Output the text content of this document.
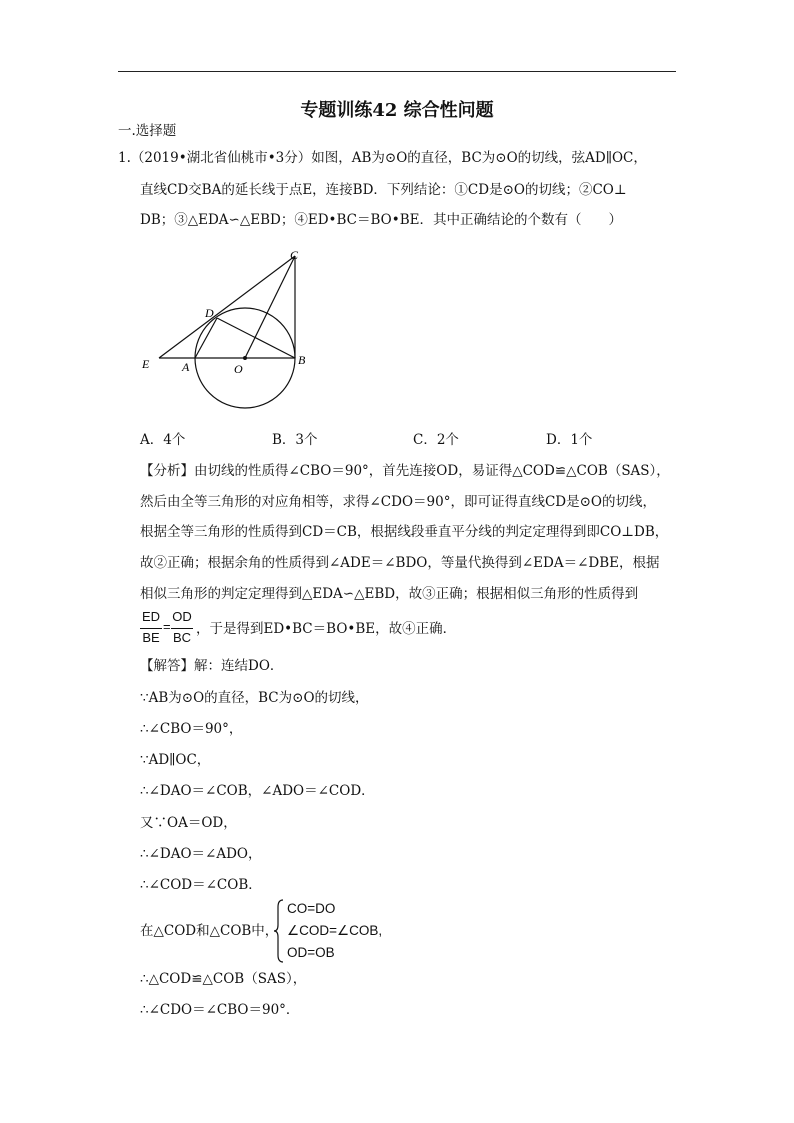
专题训练42 综合性问题
一.选择题
1.（2019•湖北省仙桃市•3分）如图，AB为⊙O的直径，BC为⊙O的切线，弦AD∥OC，
直线CD交BA的延长线于点E，连接BD．下列结论：①CD是⊙O的切线；②CO⊥
DB；③△EDA∽△EBD；④ED•BC＝BO•BE．其中正确结论的个数有（　　）
C
D
E	A	O
B
A．4个	B．3个	C．2个	D．1个
【分析】由切线的性质得∠CBO＝90°，首先连接OD，易证得△COD≌△COB（SAS），
然后由全等三角形的对应角相等，求得∠CDO＝90°，即可证得直线CD是⊙O的切线，
根据全等三角形的性质得到CD＝CB，根据线段垂直平分线的判定定理得到即CO⊥DB，
故②正确；根据余角的性质得到∠ADE＝∠BDO，等量代换得到∠EDA＝∠DBE，根据
相似三角形的判定定理得到△EDA∽△EBD，故③正确；根据相似三角形的性质得到
ED
BE
=
OD
BC
，于是得到ED•BC＝BO•BE，故④正确．
【解答】解：连结DO．
∵AB为⊙O的直径，BC为⊙O的切线，
∴∠CBO＝90°，
∵AD∥OC，
∴∠DAO＝∠COB，∠ADO＝∠COD．
又∵OA＝OD，
∴∠DAO＝∠ADO，
∴∠COD＝∠COB．
在△COD和△COB中，
CO=DO
∠COD=∠COB,
OD=OB
∴△COD≌△COB（SAS），
∴∠CDO＝∠CBO＝90°．
